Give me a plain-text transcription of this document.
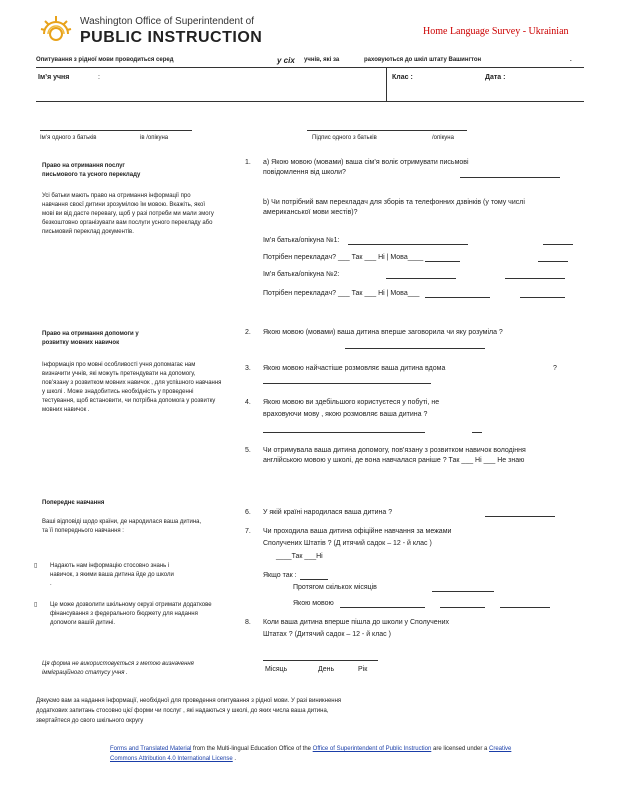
Washington Office of Superintendent of
PUBLIC INSTRUCTION	Home Language Survey - Ukrainian
Опитування з рідної мови проводиться серед	у сіх учнів, які за	раховуються до шкіл штату Вашингтон	.
Ім’я учня	:	Клас :	Дата :
Ім’я одного з батьків	ів /опікуна	Підпис одного з батьків	/опікуна
Право на отримання послуг письмового та усного перекладу
Усі батьки мають право на отримання інформації про навчання своєї дитини зрозумілою їм мовою. Вкажіть, якої мові ви від дасте перевагу, щоб у разі потреби ми мали змогу безкоштовно організувати вам послуги усного перекладу або письмовий переклад документів.
Право на отримання допомоги у розвитку мовних навичок
Інформація про мовні особливості учня допомагає нам визначити учнів, які можуть претендувати на допомогу, пов’язану з розвитком мовних навичок , для успішного навчання у школі . Може знадобитись необхідність у проведенні тестування, щоб встановити, чи потрібна допомога у розвитку мовних навичок .
Попереднє навчання
Ваші відповіді щодо країни, де народилася ваша дитина, та її попереднього навчання :
▯	Надають нам інформацію стосовно знань і навичок, з якими ваша дитина йде до школи .
▯	Це може дозволити шкільному окрузі отримати додаткове фінансування з федерального бюджету для надання допомоги вашій дитині.
Ця форма не використовується з метою визначення імміграційного статусу учня .
1. a) Якою мовою (мовами) ваша сім’я воліє отримувати письмові повідомлення від школи?
b) Чи потрібний вам перекладач для зборів та телефонних дзвінків (у тому числі американської мови жестів)?
Ім’я батька/опікуна №1:
Потрібен перекладач? ___ Так ___ Ні | Мова____
Ім’я батька/опікуна №2:
Потрібен перекладач? ___ Так ___ Ні | Мова___
2. Якою мовою (мовами) ваша дитина вперше заговорила чи яку розуміла ?
3. Якою мовою найчастіше розмовляє ваша дитина вдома	?
4. Якою мовою ви здебільшого користуєтеся у побуті, не
враховуючи мову , якою розмовляє ваша дитина ?
5. Чи отримувала ваша дитина допомогу, пов’язану з розвитком навичок володіння англійською мовою у школі, де вона навчалася раніше ? Так ___ Ні ___ Не знаю
6. У якій країні народилася ваша дитина ?
7. Чи проходила ваша дитина офіційне навчання за межами
Сполучених Штатів ? (Д итячий садок – 12 - й клас )
____Так ___Ні
Якщо так :
Протягом скількох місяців
Якою мовою
8. Коли ваша дитина вперше пішла до школи у Сполучених
Штатах ? (Дитячий садок – 12 - й клас )
Місяць	День	Рік
Дякуємо вам за надання інформації, необхідної для проведення опитування з рідної мови. У разі виникнення
додаткових запитань стосовно цієї форми чи послуг , які надаються у школі, до яких числа ваша дитина,
звертайтеся до свого шкільного округу
Forms and Translated Material from the Multi-lingual Education Office of the Office of Superintendent of Public Instruction are licensed under a Creative
Commons Attribution 4.0 International License .
